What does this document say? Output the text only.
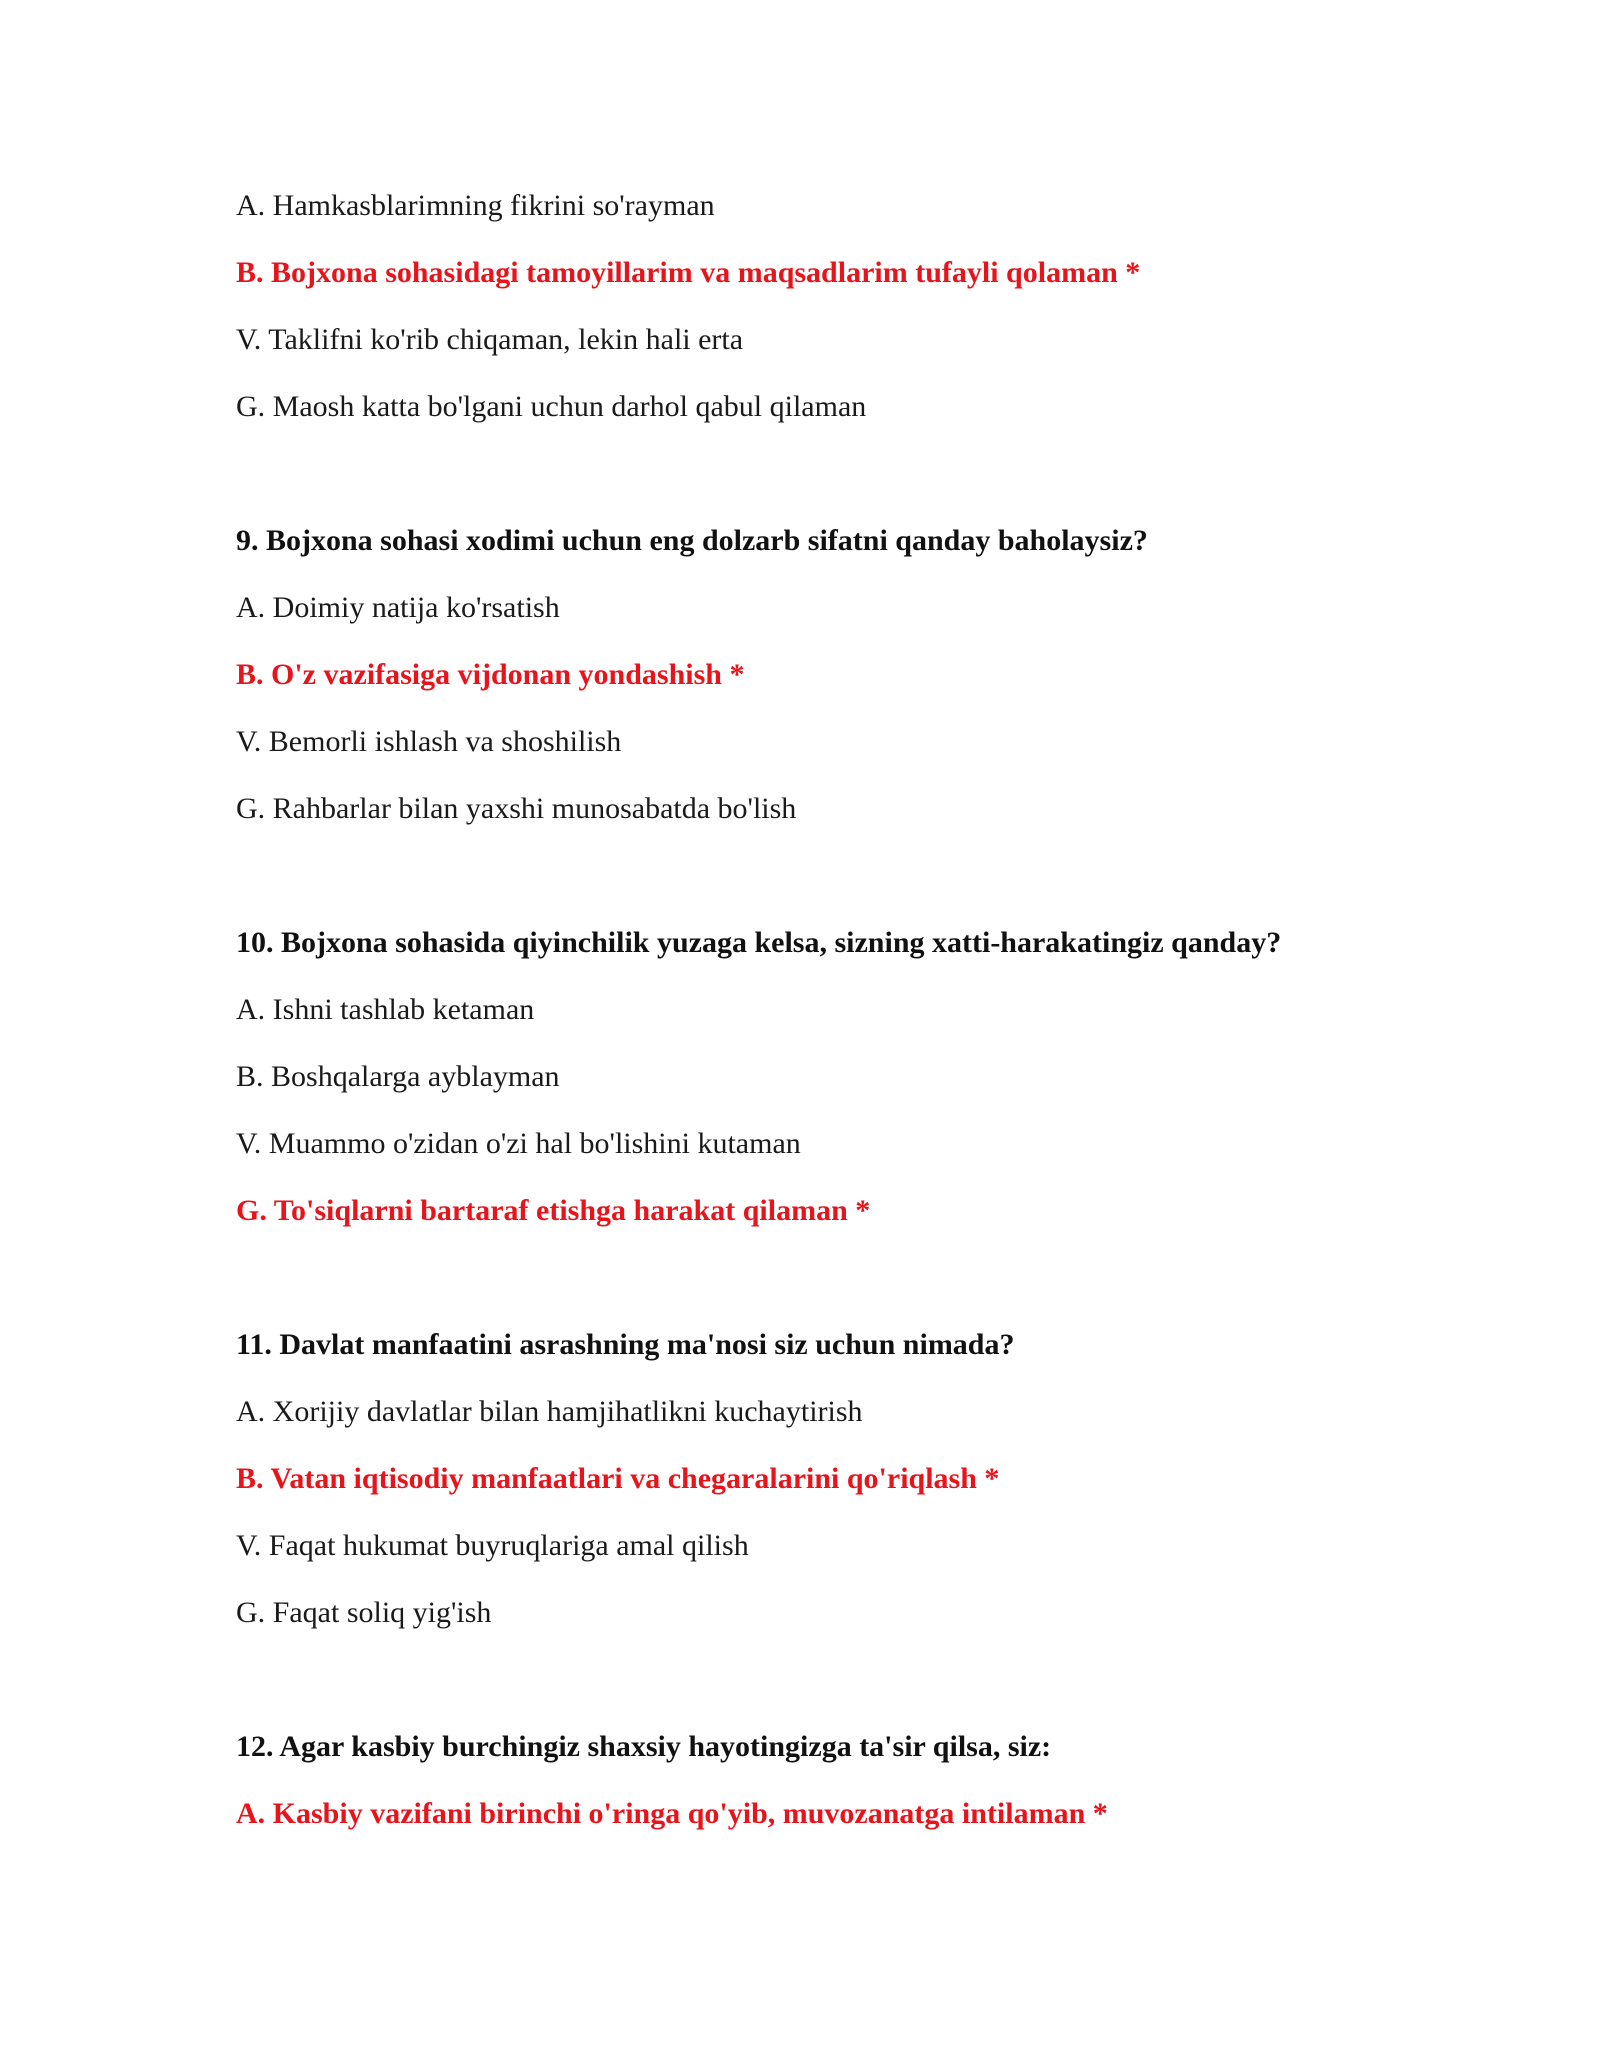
A. Hamkasblarimning fikrini so'rayman
B. Bojxona sohasidagi tamoyillarim va maqsadlarim tufayli qolaman *
V. Taklifni ko'rib chiqaman, lekin hali erta
G. Maosh katta bo'lgani uchun darhol qabul qilaman
9. Bojxona sohasi xodimi uchun eng dolzarb sifatni qanday baholaysiz?
A. Doimiy natija ko'rsatish
B. O'z vazifasiga vijdonan yondashish *
V. Bemorli ishlash va shoshilish
G. Rahbarlar bilan yaxshi munosabatda bo'lish
10. Bojxona sohasida qiyinchilik yuzaga kelsa, sizning xatti-harakatingiz qanday?
A. Ishni tashlab ketaman
B. Boshqalarga ayblayman
V. Muammo o'zidan o'zi hal bo'lishini kutaman
G. To'siqlarni bartaraf etishga harakat qilaman *
11. Davlat manfaatini asrashning ma'nosi siz uchun nimada?
A. Xorijiy davlatlar bilan hamjihatlikni kuchaytirish
B. Vatan iqtisodiy manfaatlari va chegaralarini qo'riqlash *
V. Faqat hukumat buyruqlariga amal qilish
G. Faqat soliq yig'ish
12. Agar kasbiy burchingiz shaxsiy hayotingizga ta'sir qilsa, siz:
A. Kasbiy vazifani birinchi o'ringa qo'yib, muvozanatga intilaman *
